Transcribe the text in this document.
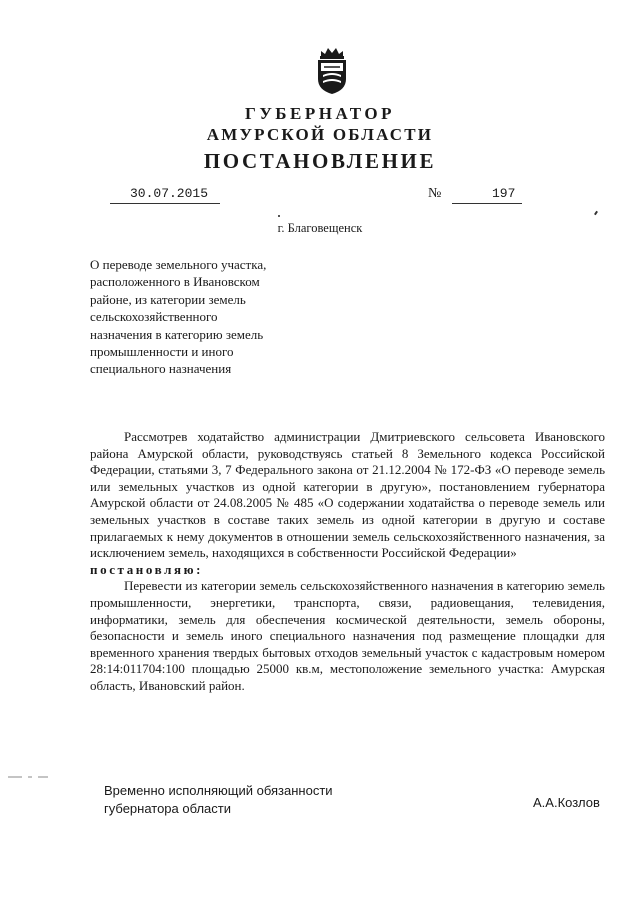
ГУБЕРНАТОР
АМУРСКОЙ ОБЛАСТИ
ПОСТАНОВЛЕНИЕ
30.07.2015	№	197
г. Благовещенск
О переводе земельного участка,
расположенного в Ивановском
районе, из категории земель
сельскохозяйственного
назначения в категорию земель
промышленности и иного
специального назначения

Рассмотрев ходатайство администрации Дмитриевского сельсовета Ивановского района Амурской области, руководствуясь статьей 8 Земельного кодекса Российской Федерации, статьями 3, 7 Федерального закона от 21.12.2004 № 172-ФЗ «О переводе земель или земельных участков из одной категории в другую», постановлением губернатора Амурской области от 24.08.2005 № 485 «О содержании ходатайства о переводе земель или земельных участков в составе таких земель из одной категории в другую и составе прилагаемых к нему документов в отношении земель сельскохозяйственного назначения, за исключением земель, находящихся в собственности Российской Федерации»

постановляю:

Перевести из категории земель сельскохозяйственного назначения в категорию земель промышленности, энергетики, транспорта, связи, радиовещания, телевидения, информатики, земель для обеспечения космической деятельности, земель обороны, безопасности и земель иного специального назначения под размещение площадки для временного хранения твердых бытовых отходов земельный участок с кадастровым номером 28:14:011704:100 площадью 25000 кв.м, местоположение земельного участка: Амурская область, Ивановский район.

Временно исполняющий обязанности
губернатора области	А.А.Козлов
